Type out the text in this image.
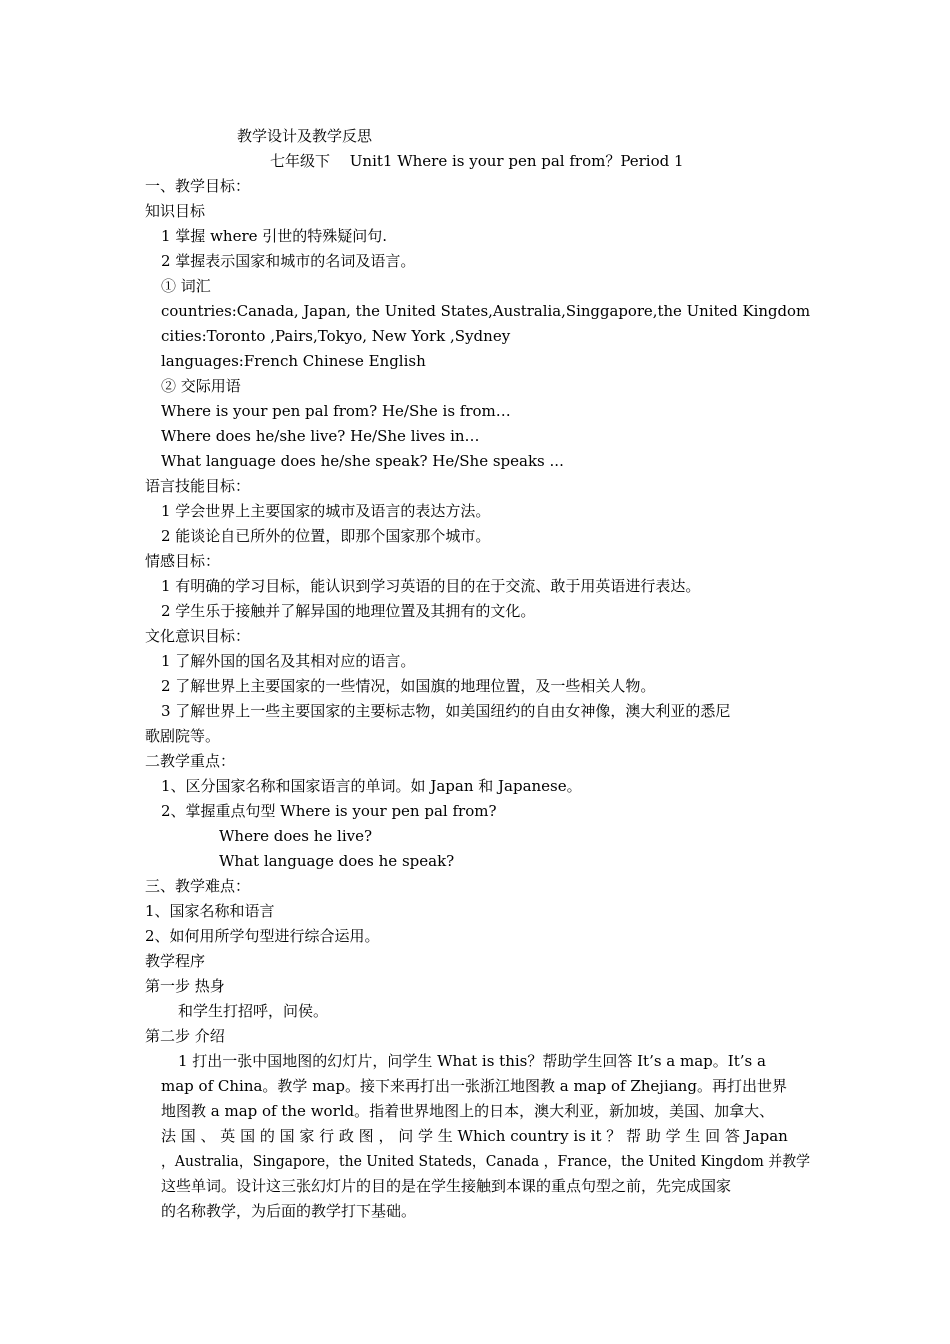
教学设计及教学反思
七年级下　 Unit1 Where is your pen pal from？Period 1
一、教学目标：
知识目标
1 掌握 where 引世的特殊疑问句.
2 掌握表示国家和城市的名词及语言。
① 词汇
countries:Canada, Japan, the United States,Australia,Singgapore,the United Kingdom
cities:Toronto ,Pairs,Tokyo, New York ,Sydney
languages:French Chinese English
② 交际用语
Where is your pen pal from? He/She is from…
Where does he/she live? He/She lives in…
What language does he/she speak? He/She speaks ...
语言技能目标：
1 学会世界上主要国家的城市及语言的表达方法。
2 能谈论自已所外的位置，即那个国家那个城市。
情感目标：
1 有明确的学习目标，能认识到学习英语的目的在于交流、敢于用英语进行表达。
2 学生乐于接触并了解异国的地理位置及其拥有的文化。
文化意识目标：
1 了解外国的国名及其相对应的语言。
2 了解世界上主要国家的一些情况，如国旗的地理位置，及一些相关人物。
3 了解世界上一些主要国家的主要标志物，如美国纽约的自由女神像，澳大利亚的悉尼
歌剧院等。
二教学重点：
1、区分国家名称和国家语言的单词。如 Japan 和 Japanese。
2、掌握重点句型 Where is your pen pal from?
Where does he live?
What language does he speak?
三、教学难点：
1、国家名称和语言
2、如何用所学句型进行综合运用。
教学程序
第一步 热身
和学生打招呼，问侯。
第二步 介绍
1 打出一张中国地图的幻灯片，问学生 What is this？帮助学生回答 It’s a map。It’s a
map of China。教学 map。接下来再打出一张浙江地图教 a map of Zhejiang。再打出世界
地图教 a map of the world。指着世界地图上的日本，澳大利亚，新加坡，美国、加拿大、
法 国 、 英 国 的 国 家 行 政 图 ， 问 学 生 Which country is it ？ 帮 助 学 生 回 答 Japan
，Australia，Singapore，the United Stateds，Canada ，France，the United Kingdom 并教学
这些单词。设计这三张幻灯片的目的是在学生接触到本课的重点句型之前，先完成国家
的名称教学，为后面的教学打下基础。
